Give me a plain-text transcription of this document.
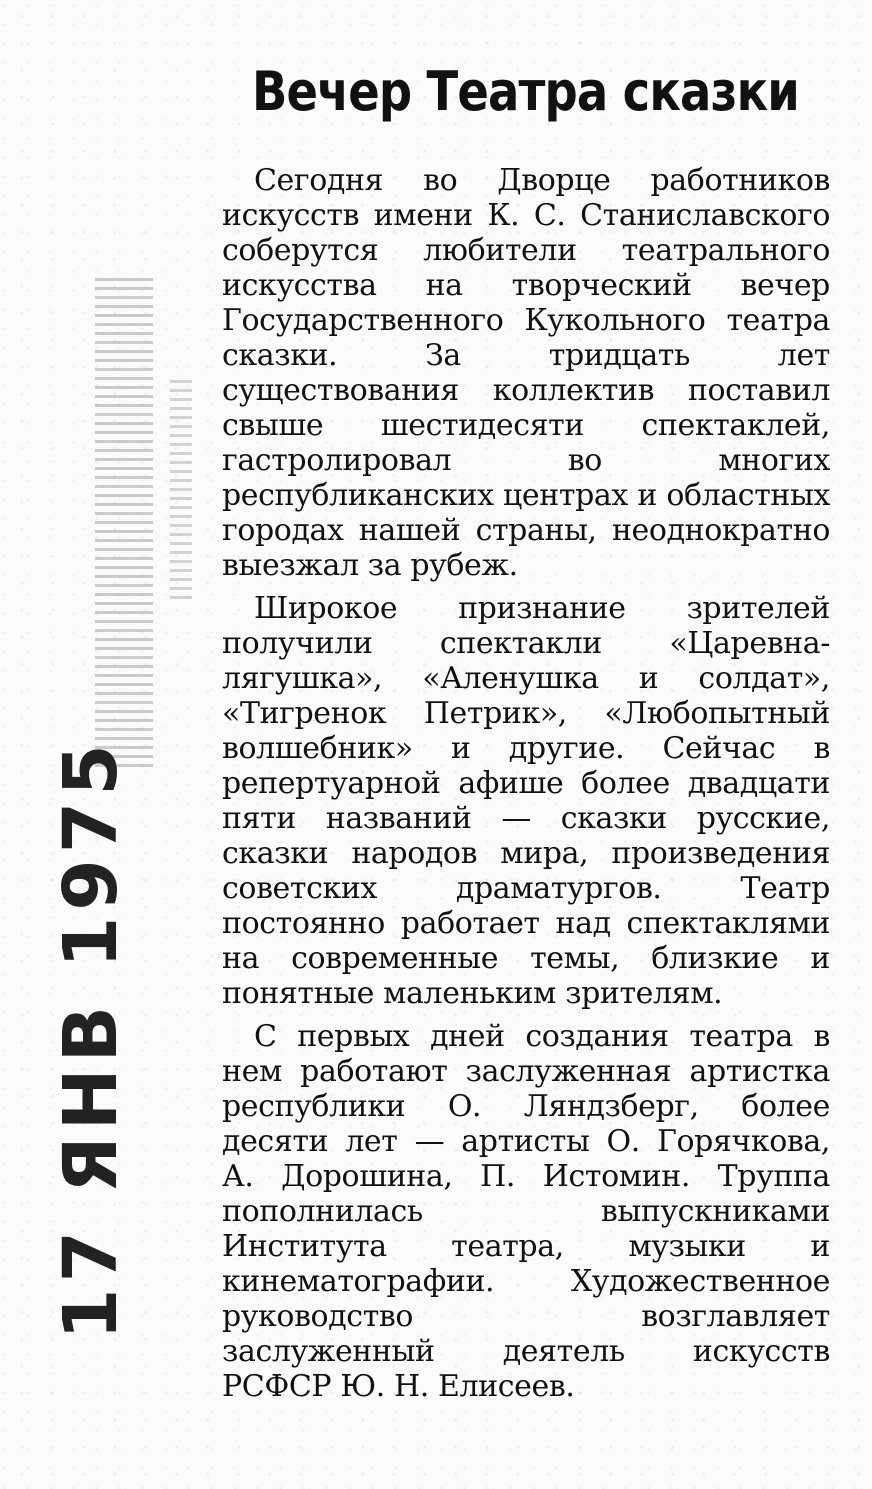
17 ЯНВ 1975
Вечер Театра сказки

Сегодня во Дворце работников искусств имени К. С. Станиславского соберутся любители театрального искусства на творческий вечер Государственного Кукольного театра сказки. За тридцать лет существования коллектив поставил свыше шестидесяти спектаклей, гастролировал во многих республиканских центрах и областных городах нашей страны, неоднократно выезжал за рубеж.

Широкое признание зрителей получили спектакли «Царевна-лягушка», «Аленушка и солдат», «Тигренок Петрик», «Любопытный волшебник» и другие. Сейчас в репертуарной афише более двадцати пяти названий — сказки русские, сказки народов мира, произведения советских драматургов. Театр постоянно работает над спектаклями на современные темы, близкие и понятные маленьким зрителям.

С первых дней создания театра в нем работают заслуженная артистка республики О. Ляндзберг, более десяти лет — артисты О. Горячкова, А. Дорошина, П. Истомин. Труппа пополнилась выпускниками Института театра, музыки и кинематографии. Художественное руководство возглавляет заслуженный деятель искусств РСФСР Ю. Н. Елисеев.
